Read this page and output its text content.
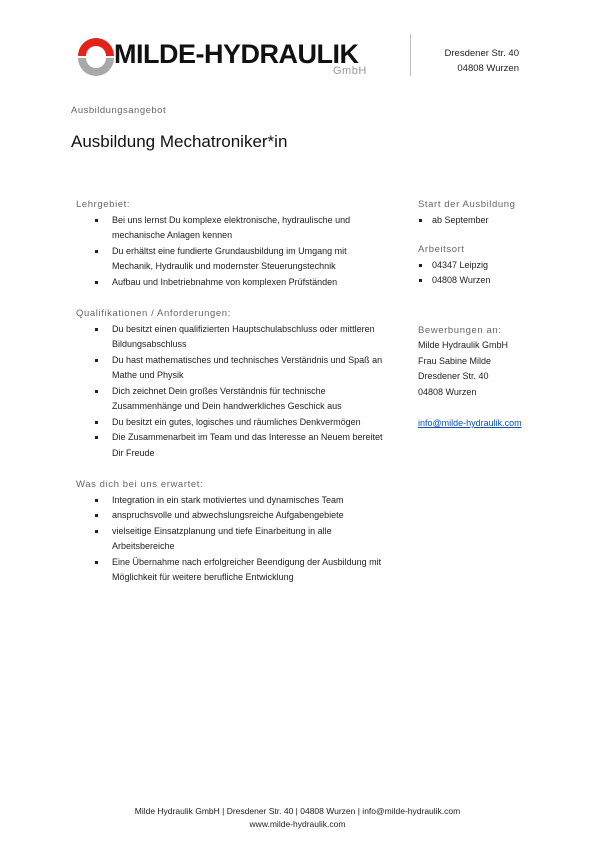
MILDE-HYDRAULIK
GmbH
Dresdener Str. 40
04808 Wurzen
Ausbildungsangebot
Ausbildung Mechatroniker*in
Lehrgebiet:
Bei uns lernst Du komplexe elektronische, hydraulische und mechanische Anlagen kennen
Du erhältst eine fundierte Grundausbildung im Umgang mit Mechanik, Hydraulik und modernster Steuerungstechnik
Aufbau und Inbetriebnahme von komplexen Prüfständen
Qualifikationen / Anforderungen:
Du besitzt einen qualifizierten Hauptschulabschluss oder mittleren Bildungsabschluss
Du hast mathematisches und technisches Verständnis und Spaß an Mathe und Physik
Dich zeichnet Dein großes Verständnis für technische Zusammenhänge und Dein handwerkliches Geschick aus
Du besitzt ein gutes, logisches und räumliches Denkvermögen
Die Zusammenarbeit im Team und das Interesse an Neuem bereitet Dir Freude
Was dich bei uns erwartet:
Integration in ein stark motiviertes und dynamisches Team
anspruchsvolle und abwechslungsreiche Aufgabengebiete
vielseitige Einsatzplanung und tiefe Einarbeitung in alle Arbeitsbereiche
Eine Übernahme nach erfolgreicher Beendigung der Ausbildung mit Möglichkeit für weitere berufliche Entwicklung
Start der Ausbildung
ab September
Arbeitsort
04347 Leipzig
04808 Wurzen
Bewerbungen an:
Milde Hydraulik GmbH
Frau Sabine Milde
Dresdener Str. 40
04808 Wurzen
info@milde-hydraulik.com
Milde Hydraulik GmbH | Dresdener Str. 40 | 04808 Wurzen | info@milde-hydraulik.com
www.milde-hydraulik.com
